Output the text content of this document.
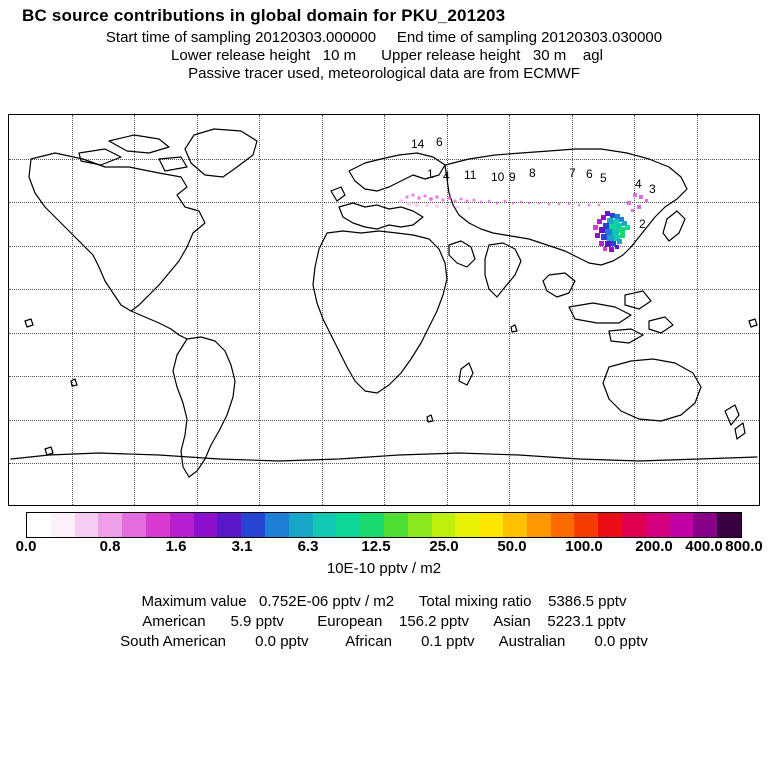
BC source contributions in global domain for PKU_201203
Start time of sampling 20120303.000000     End time of sampling 20120303.030000
Lower release height   10 m      Upper release height   30 m    agl
Passive tracer used, meteorological data are from ECMWF
14 6
1 4 11 10 9 8	7 6 5 4 3
2
0.0	0.8	1.6	3.1	6.3	12.5	25.0	50.0	100.0 200.0 400.0 800.0
10E-10 pptv / m2
Maximum value   0.752E-06 pptv / m2      Total mixing ratio    5386.5 pptv
American      5.9 pptv        European    156.2 pptv      Asian    5223.1 pptv
South American       0.0 pptv         African       0.1 pptv      Australian       0.0 pptv
